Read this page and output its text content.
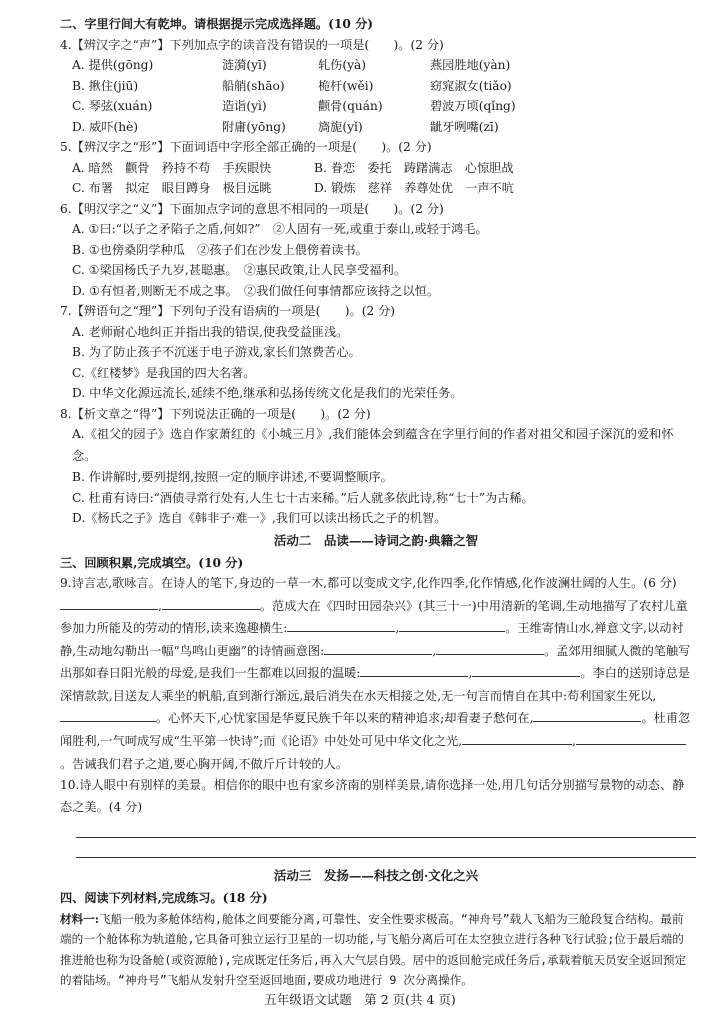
二、字里行间大有乾坤。请根据提示完成选择题。(10 分)
4.【辨汉字之“声”】下列加点字的读音没有错误的一项是(　　)。(2 分)
A. 提供(gōng)	涟漪(yī)	轧伤(yà)	燕园胜地(yàn)
B. 揪住(jiū)	船艄(shāo)	桅杆(wěi)	窈窕淑女(tiǎo)
C. 琴弦(xuán)	造诣(yì)	颧骨(quán)	碧波万顷(qǐng)
D. 威吓(hè)	附庸(yōng)	旖旎(yǐ)	龇牙咧嘴(zī)
5.【辨汉字之“形”】下面词语中字形全部正确的一项是(　　)。(2 分)
A. 暗然　颧骨　矜持不苟　手疾眼快	B. 眷恋　委托　踌躇满志　心惊胆战
C. 布署　拟定　眼目蹲身　极目远眺	D. 锻炼　慈祥　养尊处优　一声不吭
6.【明汉字之“义”】下面加点字词的意思不相同的一项是(　　)。(2 分)
A. ①曰:“以子之矛陷子之盾,何如?”　②人固有一死,或重于泰山,或轻于鸿毛。
B. ①也傍桑阴学种瓜　②孩子们在沙发上偎傍着读书。
C. ①梁国杨氏子九岁,甚聪惠。　②惠民政策,让人民享受福利。
D. ①有恒者,则断无不成之事。　②我们做任何事情都应该持之以恒。
7.【辨语句之“理”】下列句子没有语病的一项是(　　)。(2 分)
A. 老师耐心地纠正并指出我的错误,使我受益匪浅。
B. 为了防止孩子不沉迷于电子游戏,家长们煞费苦心。
C.《红楼梦》是我国的四大名著。
D. 中华文化源远流长,延续不绝,继承和弘扬传统文化是我们的光荣任务。
8.【析文章之“得”】下列说法正确的一项是(　　)。(2 分)
A.《祖父的园子》选自作家萧红的《小城三月》,我们能体会到蕴含在字里行间的作者对祖父和园子深沉的爱和怀念。
B. 作讲解时,要列提纲,按照一定的顺序讲述,不要调整顺序。
C. 杜甫有诗曰:“酒债寻常行处有,人生七十古来稀。”后人就多依此诗,称“七十”为古稀。
D.《杨氏之子》选自《韩非子·难一》,我们可以读出杨氏之子的机智。
活动二　品读——诗词之韵·典籍之智
三、回顾积累,完成填空。(10 分)
9.诗言志,歌咏言。在诗人的笔下,身边的一草一木,都可以变成文字,化作四季,化作情感,化作波澜壮阔的人生。(6 分)
,	。范成大在《四时田园杂兴》(其三十一)中用清新的笔调,生动地描写了农村儿童参加力所能及的劳动的情形,读来逸趣横生:	,	。王维寄情山水,禅意文字,以动衬静,生动地勾勒出一幅“鸟鸣山更幽”的诗情画意图:	,	。孟郊用细腻人微的笔触写出那如春日阳光般的母爱,是我们一生都难以回报的温暖:	,	。李白的送别诗总是深情款款,目送友人乘坐的帆船,直到渐行渐远,最后消失在水天相接之处,无一句言而情自在其中:苟利国家生死以,。心怀天下,心忧家国是华夏民族千年以来的精神追求;却看妻子愁何在,	。杜甫忽闻胜利,一气呵成写成“生平第一快诗”;而《论语》中处处可见中华文化之光,	,。告诫我们君子之道,要心胸开阔,不做斤斤计较的人。
10.诗人眼中有别样的美景。相信你的眼中也有家乡济南的别样美景,请你选择一处,用几句话分别描写景物的动态、静态之美。(4 分)
活动三　发扬——科技之创·文化之兴
四、阅读下列材料,完成练习。(18 分)
材料一:飞船一般为多舱体结构,舱体之间要能分离,可靠性、安全性要求极高。“神舟号”载人飞船为三舱段复合结构。最前端的一个舱体称为轨道舱,它具备可独立运行卫星的一切功能,与飞船分离后可在太空独立进行各种飞行试验;位于最后端的推进舱也称为设备舱(或资源舱),完成既定任务后,再入大气层自毁。居中的返回舱完成任务后,承载着航天员安全返回预定的着陆场。“神舟号”飞船从发射升空至返回地面,要成功地进行 9 次分离操作。
五年级语文试题　第 2 页(共 4 页)
